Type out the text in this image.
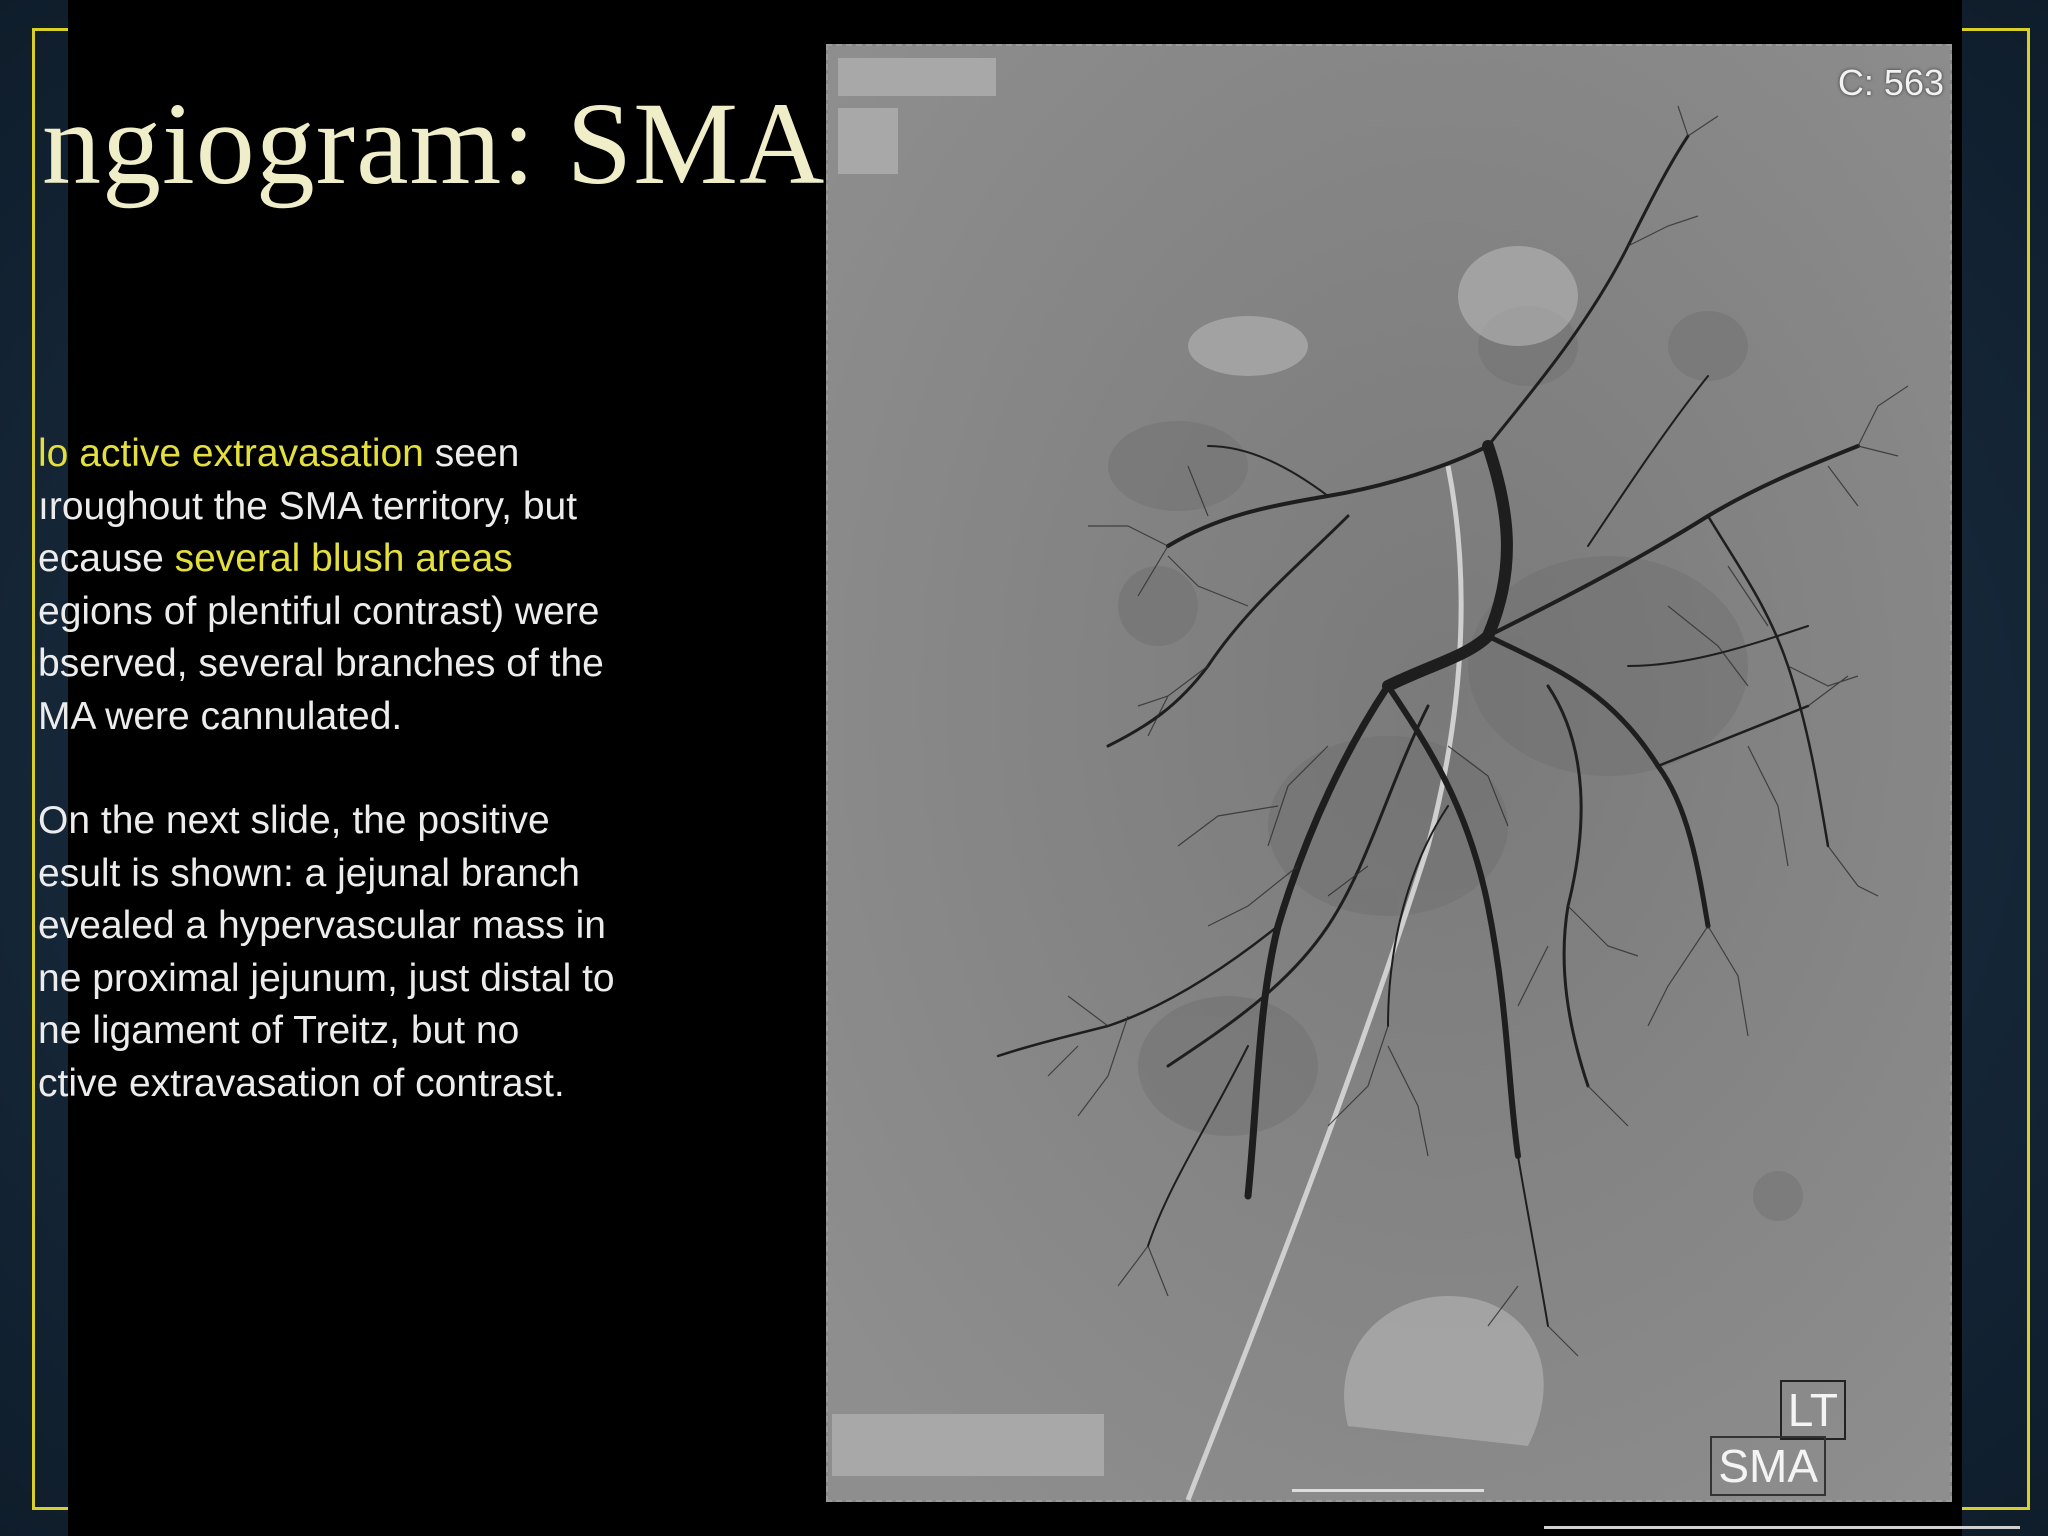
ngiogram: SMA

lo active extravasation seen
ıroughout the SMA territory, but
ecause several blush areas
egions of plentiful contrast) were
bserved, several branches of the
MA were cannulated.

On the next slide, the positive
esult is shown: a jejunal branch
evealed a hypervascular mass in
ne proximal jejunum, just distal to
ne ligament of Treitz, but no
ctive extravasation of contrast.

C: 563
LT
SMA
